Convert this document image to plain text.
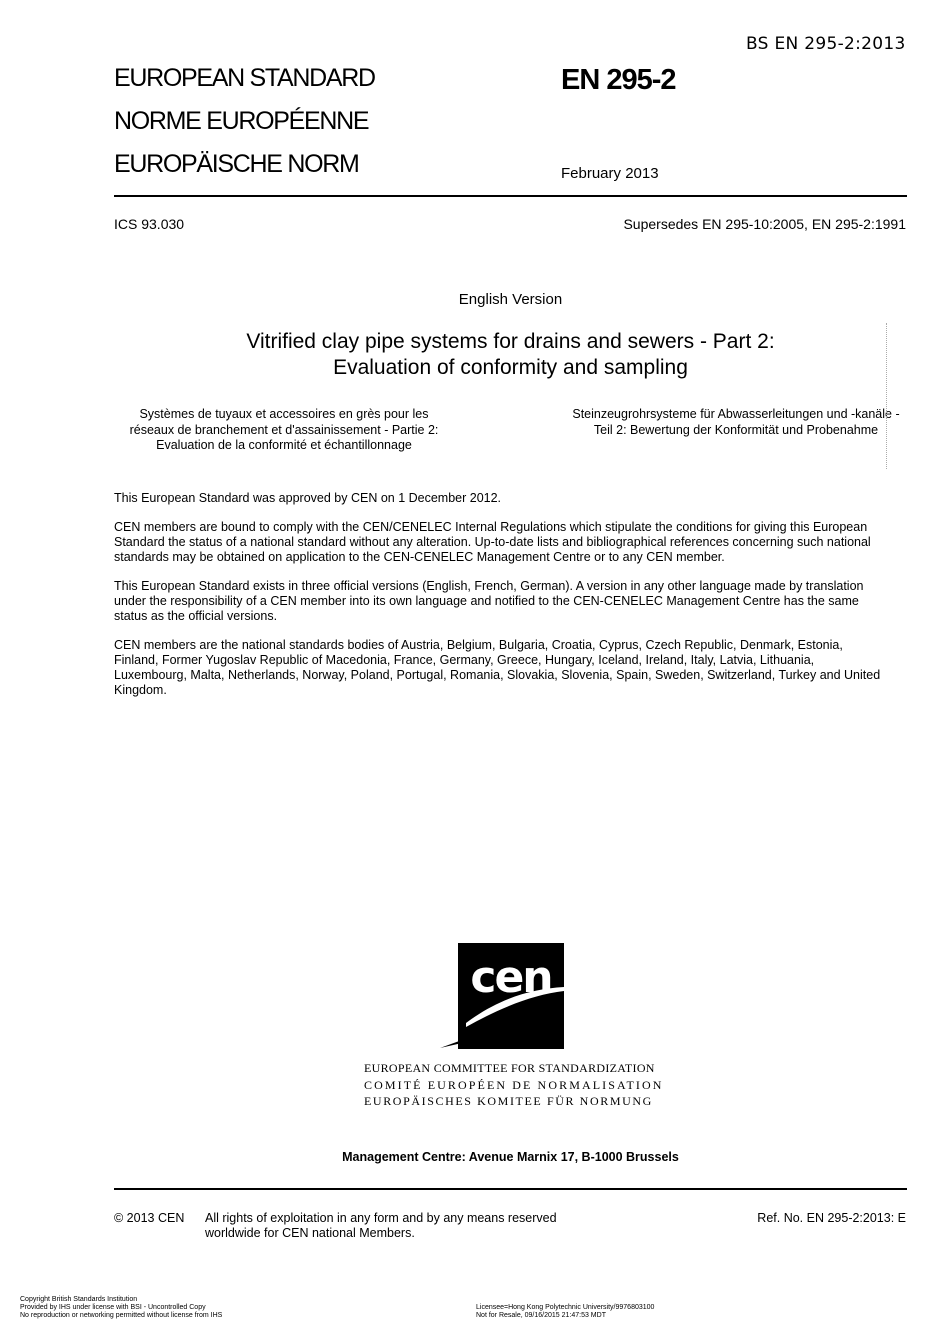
BS EN 295-2:2013
EUROPEAN STANDARD
NORME EUROPÉENNE
EUROPÄISCHE NORM
EN 295-2
February 2013
ICS 93.030	Supersedes EN 295-10:2005, EN 295-2:1991
English Version
Vitrified clay pipe systems for drains and sewers - Part 2:
Evaluation of conformity and sampling
Systèmes de tuyaux et accessoires en grès pour les
réseaux de branchement et d'assainissement - Partie 2:
Evaluation de la conformité et échantillonnage
Steinzeugrohrsysteme für Abwasserleitungen und -kanäle -
Teil 2: Bewertung der Konformität und Probenahme
This European Standard was approved by CEN on 1 December 2012.
CEN members are bound to comply with the CEN/CENELEC Internal Regulations which stipulate the conditions for giving this European
Standard the status of a national standard without any alteration. Up-to-date lists and bibliographical references concerning such national
standards may be obtained on application to the CEN-CENELEC Management Centre or to any CEN member.
This European Standard exists in three official versions (English, French, German). A version in any other language made by translation
under the responsibility of a CEN member into its own language and notified to the CEN-CENELEC Management Centre has the same
status as the official versions.
CEN members are the national standards bodies of Austria, Belgium, Bulgaria, Croatia, Cyprus, Czech Republic, Denmark, Estonia,
Finland, Former Yugoslav Republic of Macedonia, France, Germany, Greece, Hungary, Iceland, Ireland, Italy, Latvia, Lithuania,
Luxembourg, Malta, Netherlands, Norway, Poland, Portugal, Romania, Slovakia, Slovenia, Spain, Sweden, Switzerland, Turkey and United
Kingdom.
cen
EUROPEAN COMMITTEE FOR STANDARDIZATION
COMITÉ EUROPÉEN DE NORMALISATION
EUROPÄISCHES KOMITEE FÜR NORMUNG
Management Centre: Avenue Marnix 17, B-1000 Brussels
© 2013 CEN All rights of exploitation in any form and by any means reserved
worldwide for CEN national Members.
Ref. No. EN 295-2:2013: E
Copyright British Standards Institution
Provided by IHS under license with BSI - Uncontrolled Copy
No reproduction or networking permitted without license from IHS
Licensee=Hong Kong Polytechnic University/9976803100
Not for Resale, 09/16/2015 21:47:53 MDT
